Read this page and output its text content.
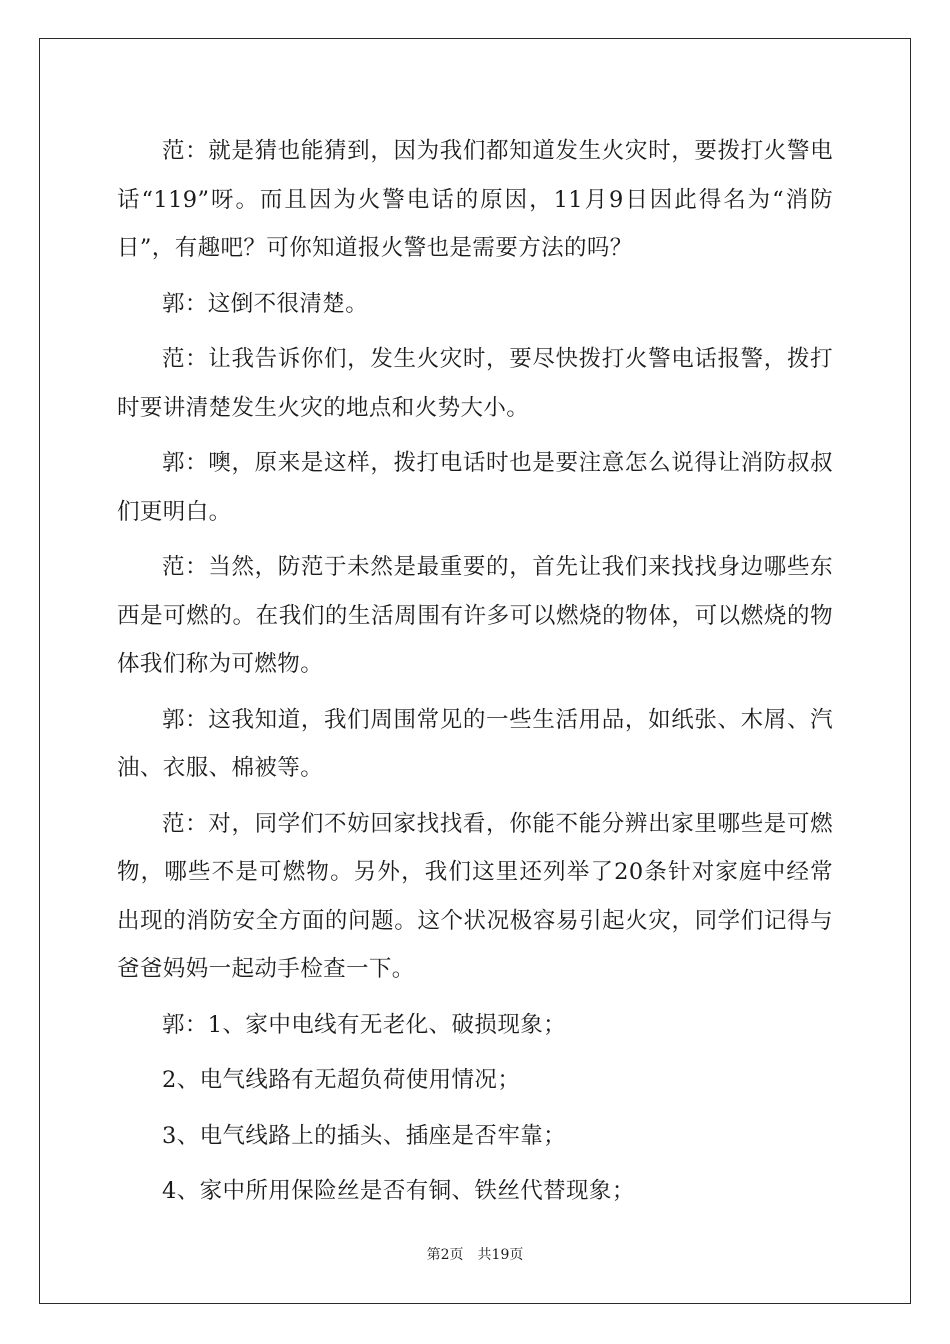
范：就是猜也能猜到，因为我们都知道发生火灾时，要拨打火警电话“119”呀。而且因为火警电话的原因，11月9日因此得名为“消防日”，有趣吧？可你知道报火警也是需要方法的吗？

郭：这倒不很清楚。

范：让我告诉你们，发生火灾时，要尽快拨打火警电话报警，拨打时要讲清楚发生火灾的地点和火势大小。

郭：噢，原来是这样，拨打电话时也是要注意怎么说得让消防叔叔们更明白。

范：当然，防范于未然是最重要的，首先让我们来找找身边哪些东西是可燃的。在我们的生活周围有许多可以燃烧的物体，可以燃烧的物体我们称为可燃物。

郭：这我知道，我们周围常见的一些生活用品，如纸张、木屑、汽油、衣服、棉被等。

范：对，同学们不妨回家找找看，你能不能分辨出家里哪些是可燃物，哪些不是可燃物。另外，我们这里还列举了20条针对家庭中经常出现的消防安全方面的问题。这个状况极容易引起火灾，同学们记得与爸爸妈妈一起动手检查一下。

郭：1、家中电线有无老化、破损现象；

2、电气线路有无超负荷使用情况；

3、电气线路上的插头、插座是否牢靠；

4、家中所用保险丝是否有铜、铁丝代替现象；

第2页 共19页
